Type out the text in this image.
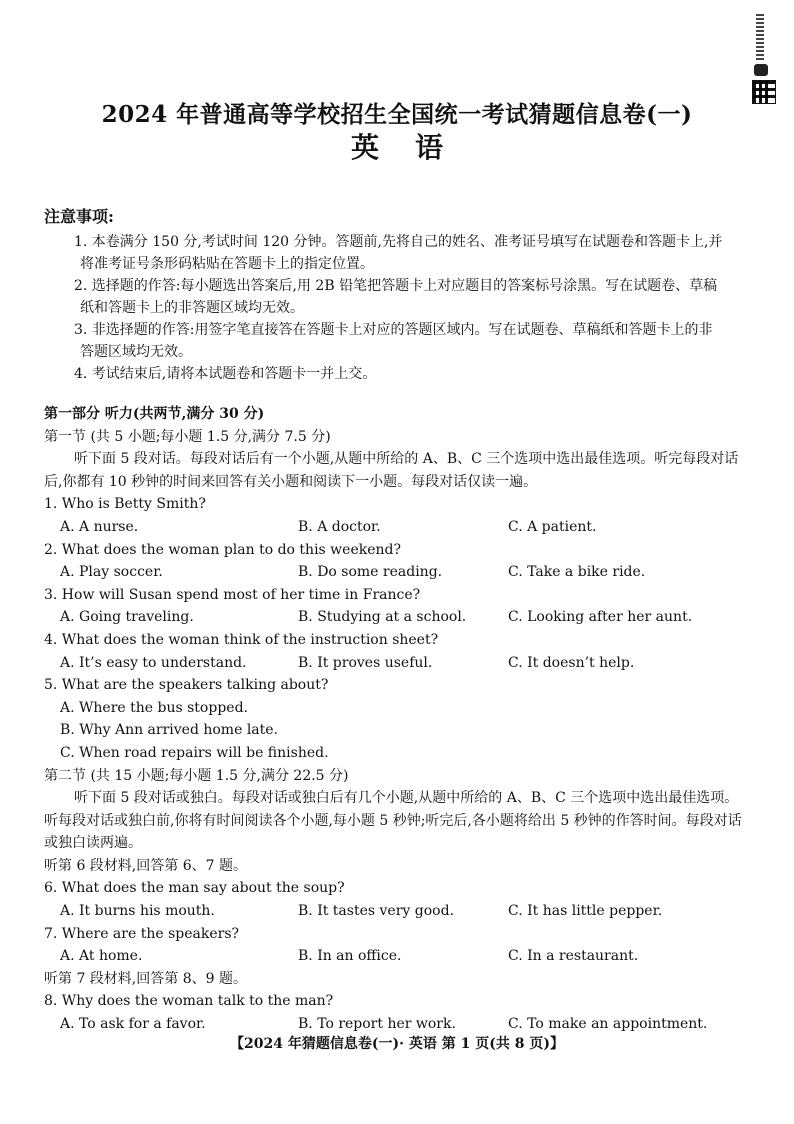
2024 年普通高等学校招生全国统一考试猜题信息卷(一)
英语
注意事项:
1. 本卷满分 150 分,考试时间 120 分钟。答题前,先将自己的姓名、准考证号填写在试题卷和答题卡上,并将准考证号条形码粘贴在答题卡上的指定位置。
2. 选择题的作答:每小题选出答案后,用 2B 铅笔把答题卡上对应题目的答案标号涂黑。写在试题卷、草稿纸和答题卡上的非答题区域均无效。
3. 非选择题的作答:用签字笔直接答在答题卡上对应的答题区域内。写在试题卷、草稿纸和答题卡上的非答题区域均无效。
4. 考试结束后,请将本试题卷和答题卡一并上交。
第一部分 听力(共两节,满分 30 分)
第一节 (共 5 小题;每小题 1.5 分,满分 7.5 分)
听下面 5 段对话。每段对话后有一个小题,从题中所给的 A、B、C 三个选项中选出最佳选项。听完每段对话后,你都有 10 秒钟的时间来回答有关小题和阅读下一小题。每段对话仅读一遍。
1. Who is Betty Smith?
A. A nurse.	B. A doctor.	C. A patient.
2. What does the woman plan to do this weekend?
A. Play soccer.	B. Do some reading.	C. Take a bike ride.
3. How will Susan spend most of her time in France?
A. Going traveling.	B. Studying at a school.	C. Looking after her aunt.
4. What does the woman think of the instruction sheet?
A. It’s easy to understand.	B. It proves useful.	C. It doesn’t help.
5. What are the speakers talking about?
A. Where the bus stopped.
B. Why Ann arrived home late.
C. When road repairs will be finished.
第二节 (共 15 小题;每小题 1.5 分,满分 22.5 分)
听下面 5 段对话或独白。每段对话或独白后有几个小题,从题中所给的 A、B、C 三个选项中选出最佳选项。听每段对话或独白前,你将有时间阅读各个小题,每小题 5 秒钟;听完后,各小题将给出 5 秒钟的作答时间。每段对话或独白读两遍。
听第 6 段材料,回答第 6、7 题。
6. What does the man say about the soup?
A. It burns his mouth.	B. It tastes very good.	C. It has little pepper.
7. Where are the speakers?
A. At home.	B. In an office.	C. In a restaurant.
听第 7 段材料,回答第 8、9 题。
8. Why does the woman talk to the man?
A. To ask for a favor.	B. To report her work.	C. To make an appointment.
【2024 年猜题信息卷(一)· 英语 第 1 页(共 8 页)】
